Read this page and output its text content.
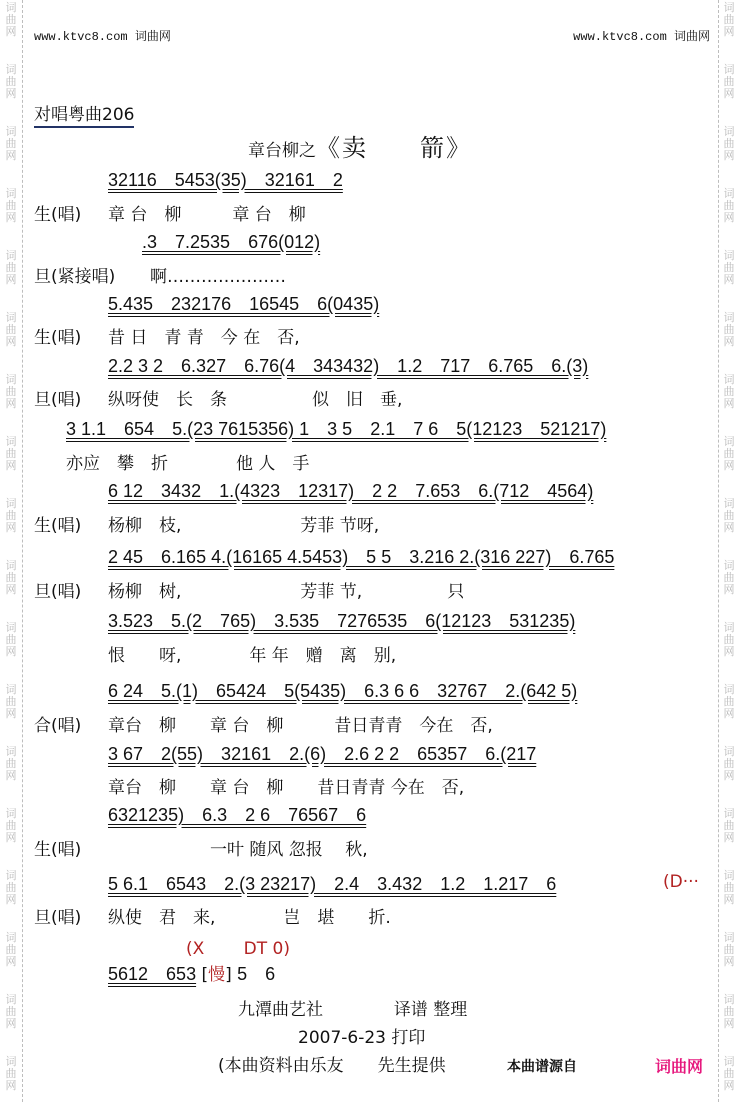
词
曲
网
词
曲
网
词
曲
网
词
曲
网
词
曲
网
词
曲
网
词
曲
网
词
曲
网
词
曲
网
词
曲
网
词
曲
网
词
曲
网
词
曲
网
词
曲
网
词
曲
网
词
曲
网
词
曲
网
词
曲
网
词
曲
网
词
曲
网
词
曲
网
词
曲
网
词
曲
网
词
曲
网
词
曲
网
词
曲
网
词
曲
网
词
曲
网
词
曲
网
词
曲
网
词
曲
网
词
曲
网
词
曲
网
词
曲
网
词
曲
网
词
曲
网
www.ktvc8.com 词曲网	www.ktvc8.com 词曲网
对唱粤曲206
章台柳之《卖　　箭》
32116　5453(35)　32161　2
生(唱) 章 台　柳　　　章 台　柳
.3　7.2535　676(012)
旦(紧接唱) 啊…………………
5.435　232176　16545　6(0435)
生(唱) 昔 日　青 青　今 在　否,
2.2 3 2　6.327　6.76(4　343432)　1.2　717　6.765　6.(3)
旦(唱) 纵呀使　长　条　　　　　似　旧　垂,
3 1.1　654　5.(23 7615356) 1　3 5　2.1　7 6　5(12123　521217)
亦应　攀　折　　　　他 人　手
6 12　3432　1.(4323　12317)　2 2　7.653　6.(712　4564)
生(唱) 杨柳　枝,　　　　　　　芳菲 节呀,
2 45　6.165 4.(16165 4.5453)　5 5　3.216 2.(316 227)　6.765
旦(唱) 杨柳　树,　　　　　　　芳菲 节,　　　　　只
3.523　5.(2　765)　3.535　7276535　6(12123　531235)
恨　　呀,　　　　年 年　赠　离　别,
6 24　5.(1)　65424　5(5435)　6.3 6 6　32767　2.(642 5)
合(唱) 章台　柳　　章 台　柳　　　昔日青青　今在　否,
3 67　2(55)　32161　2.(6)　2.6 2 2　65357　6.(217
章台　柳　　章 台　柳　　昔日青青 今在　否,
6321235)　6.3　2 6　76567　6
生(唱)	一叶 随风 忽报　 秋,
5 6.1　6543　2.(3 23217)　2.4　3.432　1.2　1.217　6
旦(唱) 纵使　君　来,　　　　岂　堪　　折.
(D···
(X　　 DT 0)
5612　653 [慢] 5　6
九潭曲艺社	译谱 整理
2007-6-23 打印
(本曲资料由乐友　　先生提供	本曲谱源自	词曲网
